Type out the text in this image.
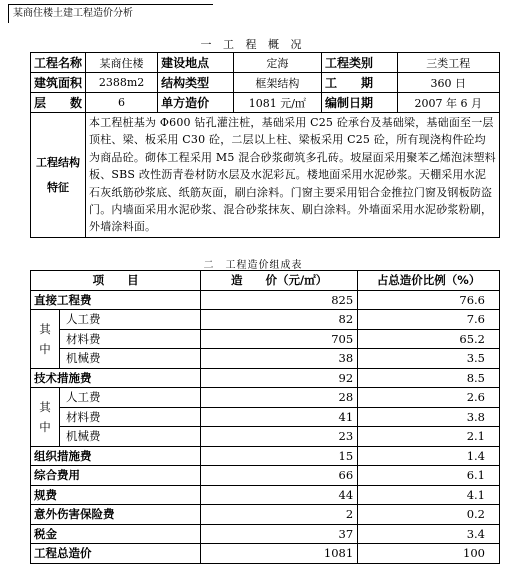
某商住楼土建工程造价分析
一 工 程 概 况
工程名称	某商住楼	建设地点	定海	工程类别	三类工程
建筑面积	2388m2	结构类型	框架结构	工　　期	360 日
层　　数	6	单方造价	1081 元/㎡	编制日期	2007 年 6 月
工程结构特征	本工程桩基为 Φ600 钻孔灌注桩，基础采用 C25 砼承台及基础梁，基础面至一层顶柱、梁、板采用 C30 砼，二层以上柱、梁板采用 C25 砼，所有现浇构件砼均为商品砼。砌体工程采用 M5 混合砂浆砌筑多孔砖。坡屋面采用聚苯乙烯泡沫塑料板、SBS 改性沥青卷材防水层及水泥彩瓦。楼地面采用水泥砂浆。天棚采用水泥石灰纸筋砂浆底、纸筋灰面，刷白涂料。门窗主要采用铝合金推拉门窗及钢板防盗门。内墙面采用水泥砂浆、混合砂浆抹灰、刷白涂料。外墙面采用水泥砂浆粉刷，外墙涂料面。				
二　工程造价组成表
项　　目		造　　价（元/㎡）	占总造价比例（%）
直接工程费		825	76.6
其中	人工费	82	7.6
	材料费	705	65.2
	机械费	38	3.5
技术措施费		92	8.5
其中	人工费	28	2.6
	材料费	41	3.8
	机械费	23	2.1
组织措施费		15	1.4
综合费用		66	6.1
规费		44	4.1
意外伤害保险费		2	0.2
税金		37	3.4
工程总造价		1081	100
